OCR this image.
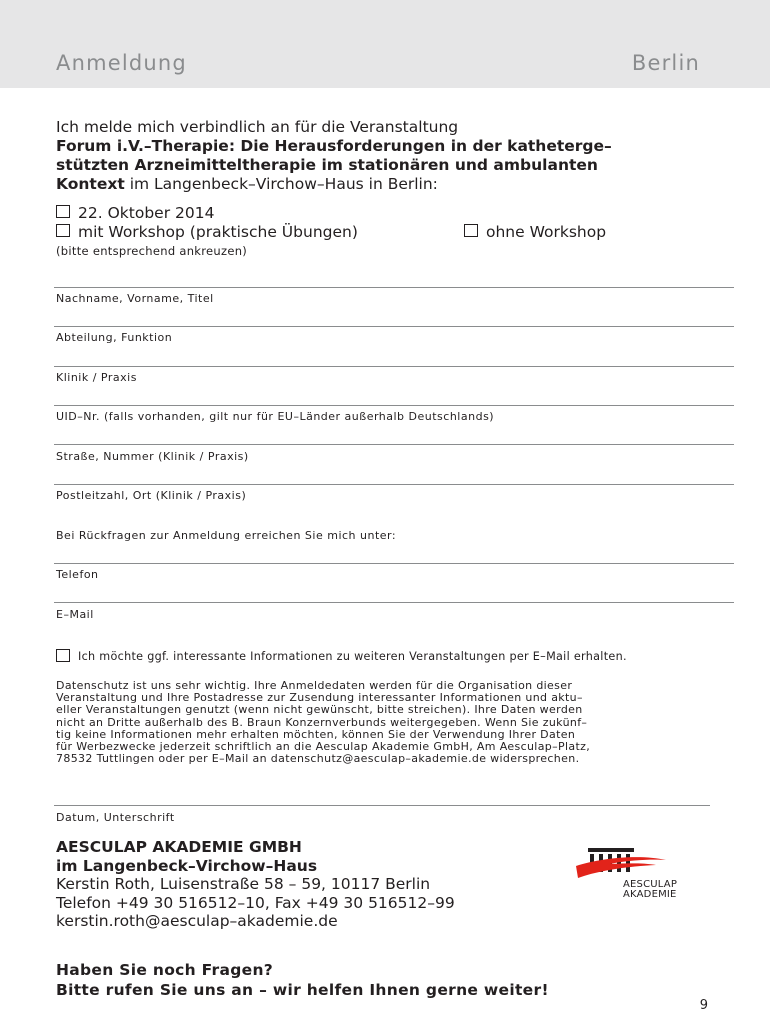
Anmeldung	Berlin
Ich melde mich verbindlich an für die Veranstaltung
Forum i.V.–Therapie: Die Herausforderungen in der katheterge–
stützten Arzneimitteltherapie im stationären und ambulanten
Kontext im Langenbeck–Virchow–Haus in Berlin:
22. Oktober 2014
mit Workshop (praktische Übungen)	ohne Workshop
(bitte entsprechend ankreuzen)
Nachname, Vorname, Titel
Abteilung, Funktion
Klinik / Praxis
UID–Nr. (falls vorhanden, gilt nur für EU–Länder außerhalb Deutschlands)
Straße, Nummer (Klinik / Praxis)
Postleitzahl, Ort (Klinik / Praxis)
Bei Rückfragen zur Anmeldung erreichen Sie mich unter:
Telefon
E–Mail
Ich möchte ggf. interessante Informationen zu weiteren Veranstaltungen per E–Mail erhalten.
Datenschutz ist uns sehr wichtig. Ihre Anmeldedaten werden für die Organisation dieser
Veranstaltung und Ihre Postadresse zur Zusendung interessanter Informationen und aktu–
eller Veranstaltungen genutzt (wenn nicht gewünscht, bitte streichen). Ihre Daten werden
nicht an Dritte außerhalb des B. Braun Konzernverbunds weitergegeben. Wenn Sie zukünf–
tig keine Informationen mehr erhalten möchten, können Sie der Verwendung Ihrer Daten
für Werbezwecke jederzeit schriftlich an die Aesculap Akademie GmbH, Am Aesculap–Platz,
78532 Tuttlingen oder per E–Mail an datenschutz@aesculap–akademie.de widersprechen.
Datum, Unterschrift
AESCULAP AKADEMIE GMBH
im Langenbeck–Virchow–Haus
Kerstin Roth, Luisenstraße 58 – 59, 10117 Berlin
Telefon +49 30 516512–10, Fax +49 30 516512–99
kerstin.roth@aesculap–akademie.de
AESCULAP
AKADEMIE
Haben Sie noch Fragen?
Bitte rufen Sie uns an – wir helfen Ihnen gerne weiter!
9
